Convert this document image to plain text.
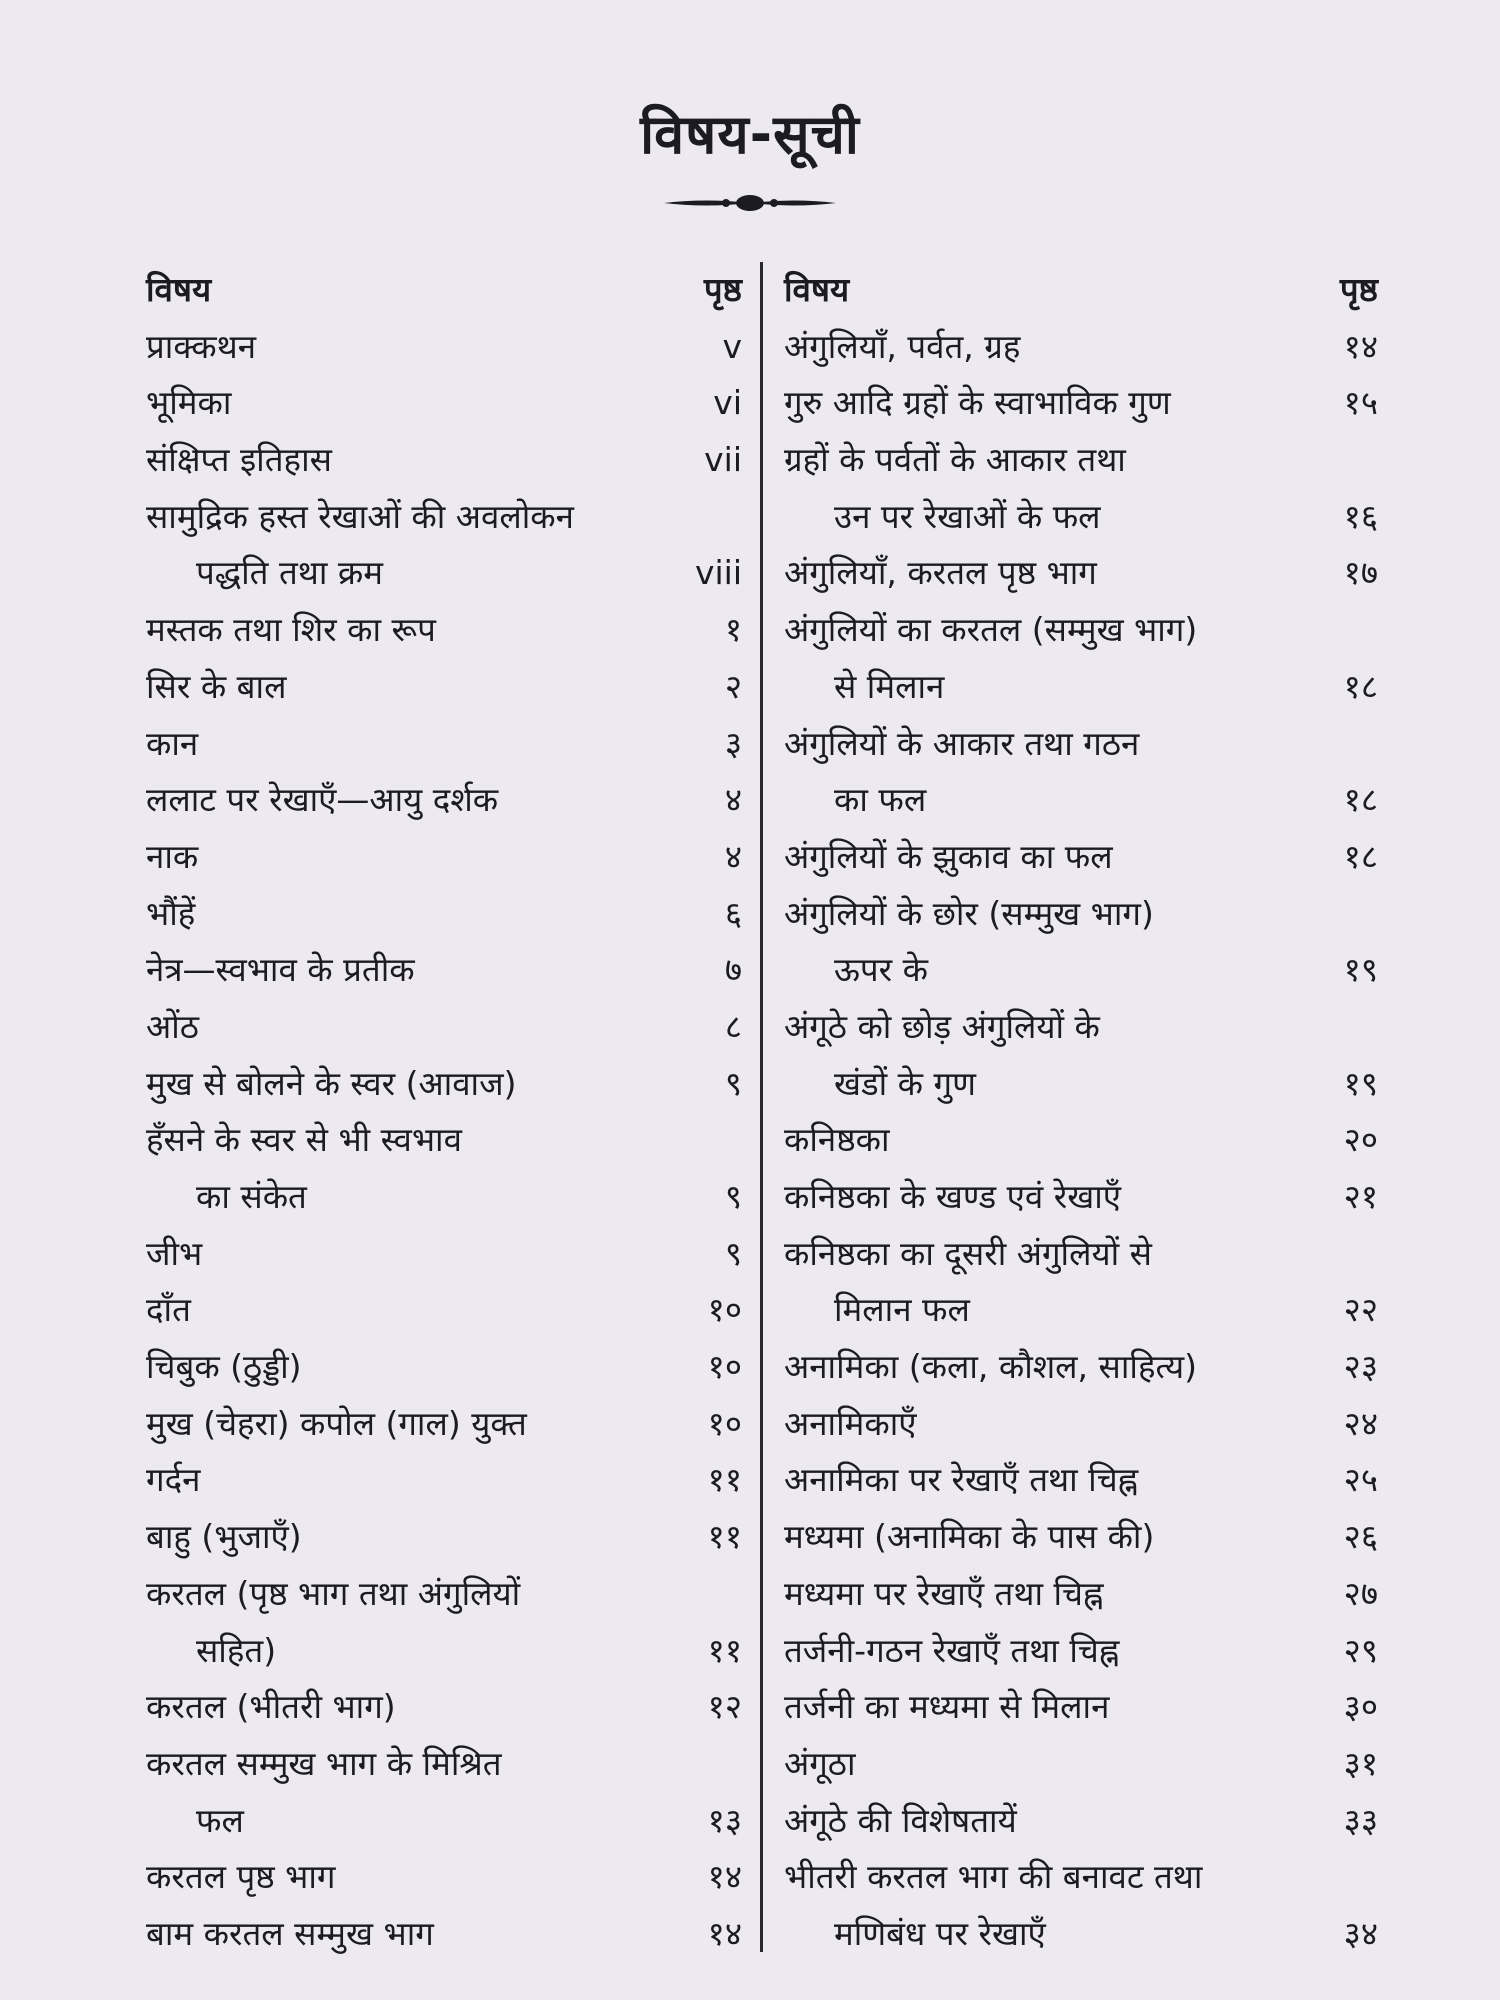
विषय-सूची
विषय	पृष्ठ
प्राक्कथन	v
भूमिका	vi
संक्षिप्त इतिहास	vii
सामुद्रिक हस्त रेखाओं की अवलोकन
पद्धति तथा क्रम	viii
मस्तक तथा शिर का रूप	१
सिर के बाल	२
कान	३
ललाट पर रेखाएँ—आयु दर्शक	४
नाक	४
भौंहें	६
नेत्र—स्वभाव के प्रतीक	७
ओंठ	८
मुख से बोलने के स्वर (आवाज)	९
हँसने के स्वर से भी स्वभाव
का संकेत	९
जीभ	९
दाँत	१०
चिबुक (ठुड्डी)	१०
मुख (चेहरा) कपोल (गाल) युक्त	१०
गर्दन	११
बाहु (भुजाएँ)	११
करतल (पृष्ठ भाग तथा अंगुलियों
सहित)	११
करतल (भीतरी भाग)	१२
करतल सम्मुख भाग के मिश्रित
फल	१३
करतल पृष्ठ भाग	१४
बाम करतल सम्मुख भाग	१४
विषय	पृष्ठ
अंगुलियाँ, पर्वत, ग्रह	१४
गुरु आदि ग्रहों के स्वाभाविक गुण	१५
ग्रहों के पर्वतों के आकार तथा
उन पर रेखाओं के फल	१६
अंगुलियाँ, करतल पृष्ठ भाग	१७
अंगुलियों का करतल (सम्मुख भाग)
से मिलान	१८
अंगुलियों के आकार तथा गठन
का फल	१८
अंगुलियों के झुकाव का फल	१८
अंगुलियों के छोर (सम्मुख भाग)
ऊपर के	१९
अंगूठे को छोड़ अंगुलियों के
खंडों के गुण	१९
कनिष्ठका	२०
कनिष्ठका के खण्ड एवं रेखाएँ	२१
कनिष्ठका का दूसरी अंगुलियों से
मिलान फल	२२
अनामिका (कला, कौशल, साहित्य)	२३
अनामिकाएँ	२४
अनामिका पर रेखाएँ तथा चिह्न	२५
मध्यमा (अनामिका के पास की)	२६
मध्यमा पर रेखाएँ तथा चिह्न	२७
तर्जनी-गठन रेखाएँ तथा चिह्न	२९
तर्जनी का मध्यमा से मिलान	३०
अंगूठा	३१
अंगूठे की विशेषतायें	३३
भीतरी करतल भाग की बनावट तथा
मणिबंध पर रेखाएँ	३४
